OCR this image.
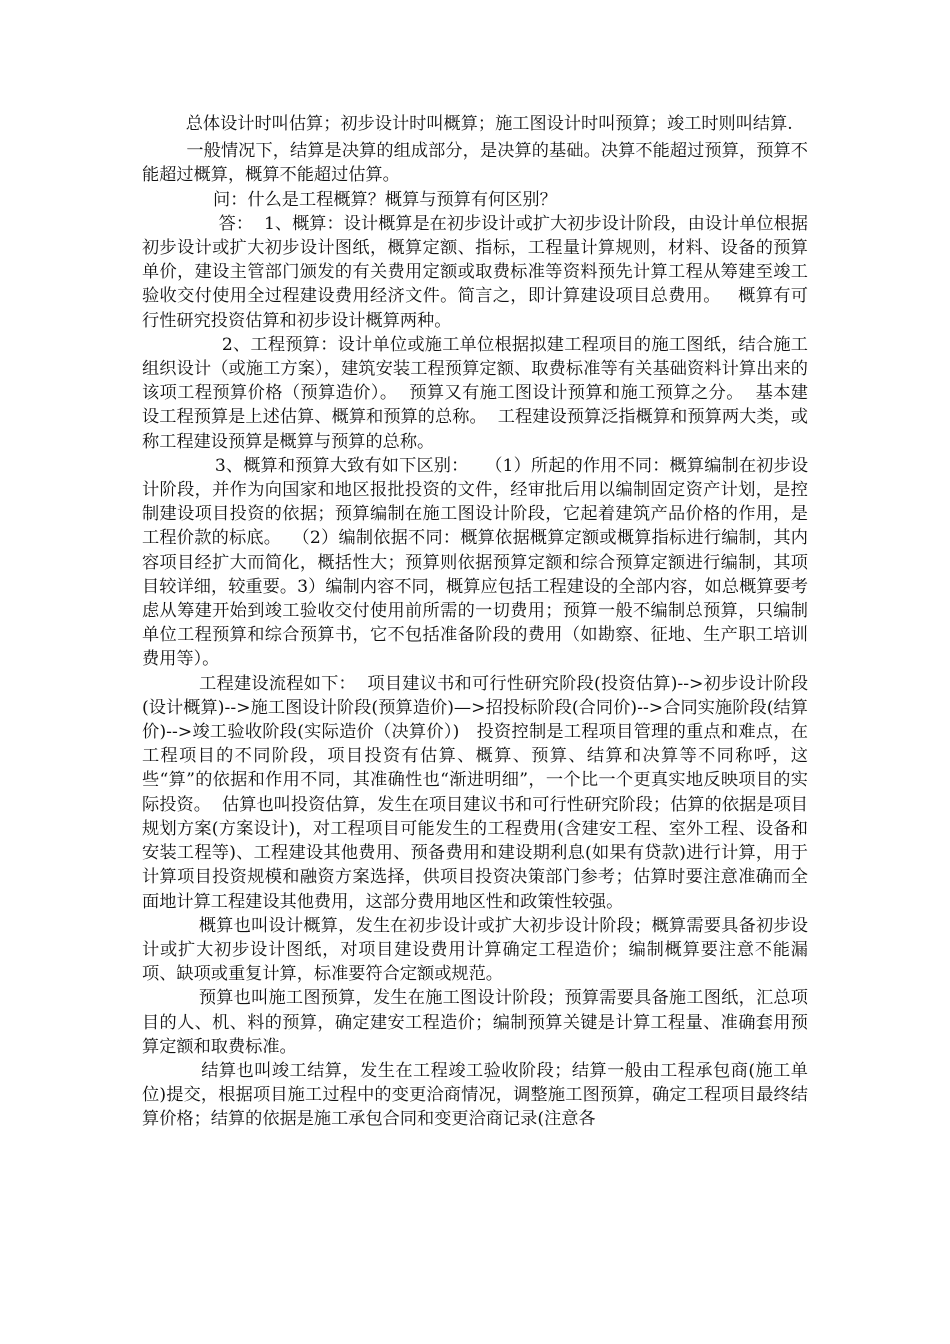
总体设计时叫估算；初步设计时叫概算；施工图设计时叫预算；竣工时则叫结算.

一般情况下，结算是决算的组成部分，是决算的基础。决算不能超过预算，预算不能超过概算，概算不能超过估算。

问：什么是工程概算？概算与预算有何区别？

答：  1、概算：设计概算是在初步设计或扩大初步设计阶段，由设计单位根据初步设计或扩大初步设计图纸，概算定额、指标，工程量计算规则，材料、设备的预算单价，建设主管部门颁发的有关费用定额或取费标准等资料预先计算工程从筹建至竣工验收交付使用全过程建设费用经济文件。简言之，即计算建设项目总费用。   概算有可行性研究投资估算和初步设计概算两种。

2、工程预算：设计单位或施工单位根据拟建工程项目的施工图纸，结合施工组织设计（或施工方案），建筑安装工程预算定额、取费标准等有关基础资料计算出来的该项工程预算价格（预算造价）。  预算又有施工图设计预算和施工预算之分。  基本建设工程预算是上述估算、概算和预算的总称。  工程建设预算泛指概算和预算两大类，或称工程建设预算是概算与预算的总称。

3、概算和预算大致有如下区别：   （1）所起的作用不同：概算编制在初步设计阶段，并作为向国家和地区报批投资的文件，经审批后用以编制固定资产计划，是控制建设项目投资的依据；预算编制在施工图设计阶段，它起着建筑产品价格的作用，是工程价款的标底。  （2）编制依据不同：概算依据概算定额或概算指标进行编制，其内容项目经扩大而简化，概括性大；预算则依据预算定额和综合预算定额进行编制，其项目较详细，较重要。3）编制内容不同，概算应包括工程建设的全部内容，如总概算要考虑从筹建开始到竣工验收交付使用前所需的一切费用；预算一般不编制总预算，只编制单位工程预算和综合预算书，它不包括准备阶段的费用（如勘察、征地、生产职工培训费用等）。

工程建设流程如下：  项目建议书和可行性研究阶段(投资估算)-->初步设计阶段(设计概算)-->施工图设计阶段(预算造价)—>招投标阶段(合同价)-->合同实施阶段(结算价)-->竣工验收阶段(实际造价（决算价）)   投资控制是工程项目管理的重点和难点，在工程项目的不同阶段，项目投资有估算、概算、预算、结算和决算等不同称呼，这些“算”的依据和作用不同，其准确性也“渐进明细”，一个比一个更真实地反映项目的实际投资。  估算也叫投资估算，发生在项目建议书和可行性研究阶段；估算的依据是项目规划方案(方案设计)，对工程项目可能发生的工程费用(含建安工程、室外工程、设备和安装工程等)、工程建设其他费用、预备费用和建设期利息(如果有贷款)进行计算，用于计算项目投资规模和融资方案选择，供项目投资决策部门参考；估算时要注意准确而全面地计算工程建设其他费用，这部分费用地区性和政策性较强。

概算也叫设计概算，发生在初步设计或扩大初步设计阶段；概算需要具备初步设计或扩大初步设计图纸，对项目建设费用计算确定工程造价；编制概算要注意不能漏项、缺项或重复计算，标准要符合定额或规范。

预算也叫施工图预算，发生在施工图设计阶段；预算需要具备施工图纸，汇总项目的人、机、料的预算，确定建安工程造价；编制预算关键是计算工程量、准确套用预算定额和取费标准。

结算也叫竣工结算，发生在工程竣工验收阶段；结算一般由工程承包商(施工单位)提交，根据项目施工过程中的变更洽商情况，调整施工图预算，确定工程项目最终结算价格；结算的依据是施工承包合同和变更洽商记录(注意各
